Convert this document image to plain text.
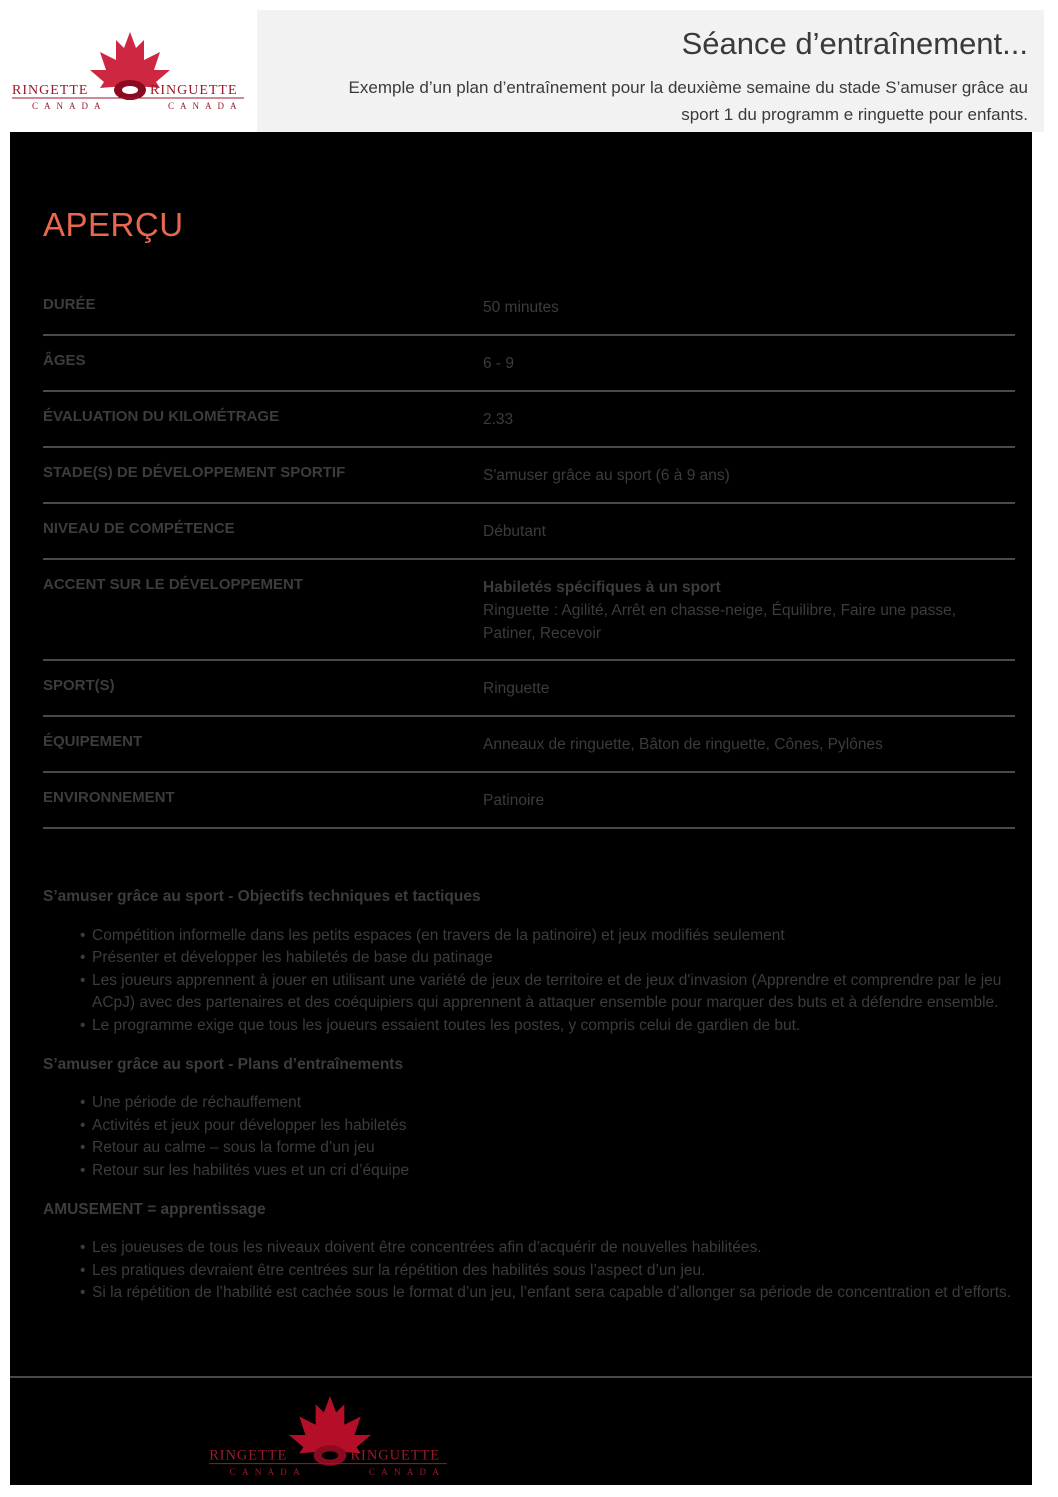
RINGETTE	RINGUETTE
CANADA	CANADA
Séance d’entraînement...

Exemple d’un plan d’entraînement pour la deuxième semaine du stade S’amuser grâce au sport 1 du programm e ringuette pour enfants.

APERÇU
DURÉE	50 minutes
ÂGES	6 - 9
ÉVALUATION DU KILOMÉTRAGE	2.33
STADE(S) DE DÉVELOPPEMENT SPORTIF	S'amuser grâce au sport (6 à 9 ans)
NIVEAU DE COMPÉTENCE	Débutant
ACCENT SUR LE DÉVELOPPEMENT	Habiletés spécifiques à un sport
Ringuette : Agilité, Arrêt en chasse-neige, Équilibre, Faire une passe, Patiner, Recevoir
SPORT(S)	Ringuette
ÉQUIPEMENT	Anneaux de ringuette, Bâton de ringuette, Cônes, Pylônes
ENVIRONNEMENT	Patinoire

S’amuser grâce au sport - Objectifs techniques et tactiques

• Compétition informelle dans les petits espaces (en travers de la patinoire) et jeux modifiés seulement
• Présenter et développer les habiletés de base du patinage
• Les joueurs apprennent à jouer en utilisant une variété de jeux de territoire et de jeux d'invasion (Apprendre et comprendre par le jeu ACpJ) avec des partenaires et des coéquipiers qui apprennent à attaquer ensemble pour marquer des buts et à défendre ensemble.
• Le programme exige que tous les joueurs essaient toutes les postes, y compris celui de gardien de but.

S’amuser grâce au sport - Plans d’entraînements

• Une période de réchauffement
• Activités et jeux pour développer les habiletés
• Retour au calme – sous la forme d’un jeu
• Retour sur les habilités vues et un cri d’équipe

AMUSEMENT = apprentissage

• Les joueuses de tous les niveaux doivent être concentrées afin d’acquérir de nouvelles habilitées.
• Les pratiques devraient être centrées sur la répétition des habilités sous l’aspect d’un jeu.
• Si la répétition de l’habilité est cachée sous le format d’un jeu, l’enfant sera capable d’allonger sa période de concentration et d’efforts.
RINGETTE	RINGUETTE
CANADA	CANADA
